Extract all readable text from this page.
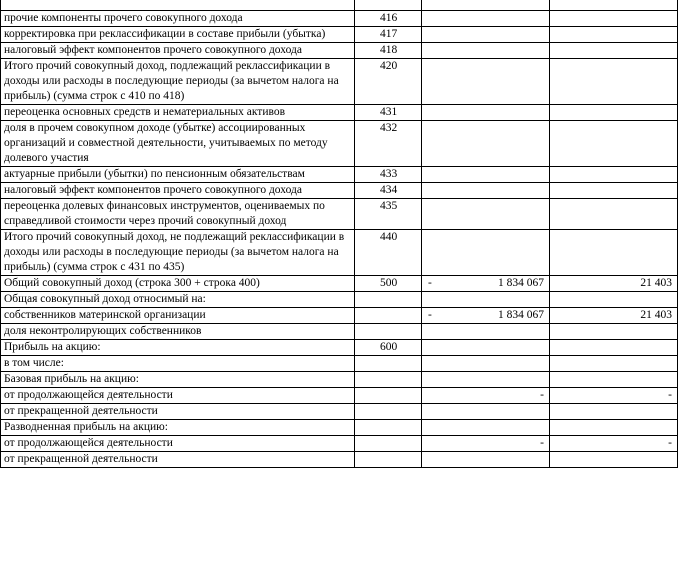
прочие компоненты прочего совокупного дохода	416	

корректировка при реклассификации в составе прибыли (убытка)	417	

налоговый эффект компонентов прочего совокупного дохода	418	

Итого прочий совокупный доход, подлежащий реклассификации в доходы или расходы в последующие периоды (за вычетом налога на прибыль) (сумма строк с 410 по 418)	420	

переоценка основных средств и нематериальных активов	431	

доля в прочем совокупном доходе (убытке) ассоциированных организаций и совместной деятельности, учитываемых по методу долевого участия	432	

актуарные прибыли (убытки) по пенсионным обязательствам	433	

налоговый эффект компонентов прочего совокупного дохода	434	

переоценка долевых финансовых инструментов, оцениваемых по справедливой стоимости через прочий совокупный доход	435	

Итого прочий совокупный доход, не подлежащий реклассификации в доходы или расходы в последующие периоды (за вычетом налога на прибыль) (сумма строк с 431 по 435)	440	

Общий совокупный доход (строка 300 + строка 400)	500	- 1 834 067	21 403
Общая совокупный доход относимый на:		

собственников материнской организации		- 1 834 067	21 403
доля неконтролирующих собственников		

Прибыль на акцию:	600	

в том числе:		

Базовая прибыль на акцию:		

от продолжающейся деятельности		-	-
от прекращенной деятельности		

Разводненная прибыль на акцию:		

от продолжающейся деятельности		-	-
от прекращенной деятельности		
